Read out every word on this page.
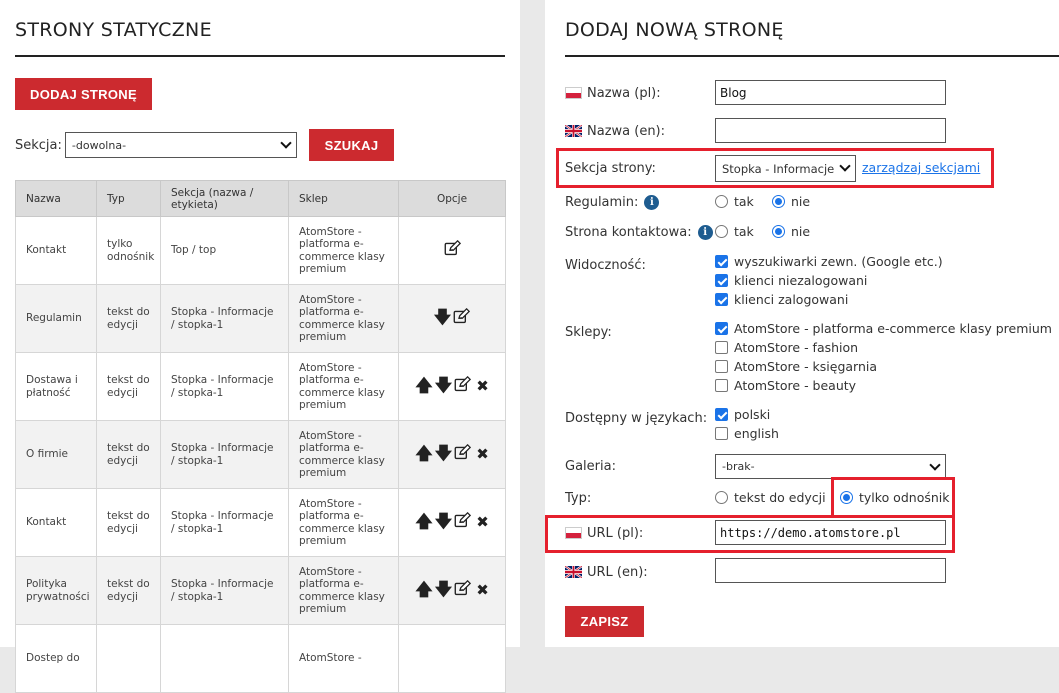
STRONY STATYCZNE
DODAJ STRONĘ
Sekcja: -dowolna-	SZUKAJ
Nazwa	Typ	Sekcja (nazwa / etykieta)	Sklep	Opcje
Kontakt	tylko odnośnik	Top / top	AtomStore - platforma e-commerce klasy premium	
Regulamin	tekst do edycji	Stopka - Informacje / stopka-1	AtomStore - platforma e-commerce klasy premium	🡇
Dostawa i płatność	tekst do edycji	Stopka - Informacje / stopka-1	AtomStore - platforma e-commerce klasy premium	🡅 🡇 ✖
O firmie	tekst do edycji	Stopka - Informacje / stopka-1	AtomStore - platforma e-commerce klasy premium	🡅 🡇 ✖
Kontakt	tekst do edycji	Stopka - Informacje / stopka-1	AtomStore - platforma e-commerce klasy premium	🡅 🡇 ✖
Polityka prywatności	tekst do edycji	Stopka - Informacje / stopka-1	AtomStore - platforma e-commerce klasy premium	🡅 🡇 ✖
Dostep do			AtomStore -	
DODAJ NOWĄ STRONĘ
Nazwa (pl):	Blog
Nazwa (en):
Sekcja strony:	Stopka - Informacje zarządzaj sekcjami
Regulamin:	i	tak	nie
Strona kontaktowa:	i	tak	nie
Widoczność:	wyszukiwarki zewn. (Google etc.)
klienci niezalogowani
klienci zalogowani
Sklepy:	AtomStore - platforma e-commerce klasy premium
AtomStore - fashion
AtomStore - księgarnia
AtomStore - beauty
Dostępny w językach: polski
english
Galeria:	-brak-
Typ:	tekst do edycji	tylko odnośnik
URL (pl):	https://demo.atomstore.pl
URL (en):
ZAPISZ
